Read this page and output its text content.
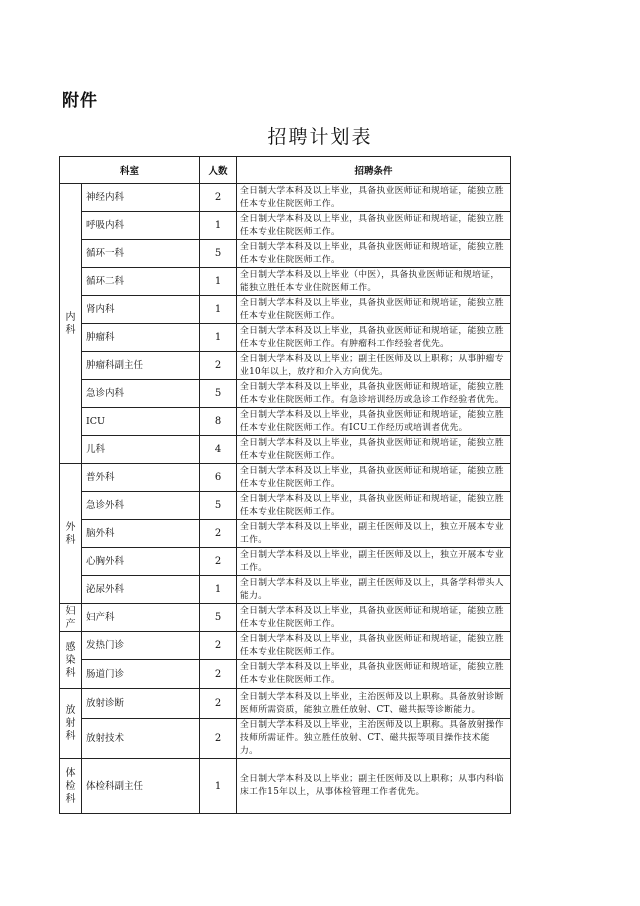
附件
招聘计划表
科室		人数	招聘条件

内
科	神经内科	2	全日制大学本科及以上毕业，具备执业医师证和规培证，能独立胜任本专业住院医师工作。
	呼吸内科	1	全日制大学本科及以上毕业，具备执业医师证和规培证，能独立胜任本专业住院医师工作。
	循环一科	5	全日制大学本科及以上毕业，具备执业医师证和规培证，能独立胜任本专业住院医师工作。
	循环二科	1	全日制大学本科及以上毕业（中医），具备执业医师证和规培证，能独立胜任本专业住院医师工作。
	肾内科	1	全日制大学本科及以上毕业，具备执业医师证和规培证，能独立胜任本专业住院医师工作。
	肿瘤科	1	全日制大学本科及以上毕业，具备执业医师证和规培证，能独立胜任本专业住院医师工作。有肿瘤科工作经验者优先。
	肿瘤科副主任	2	全日制大学本科及以上毕业；副主任医师及以上职称；从事肿瘤专业10年以上，放疗和介入方向优先。
	急诊内科	5	全日制大学本科及以上毕业，具备执业医师证和规培证，能独立胜任本专业住院医师工作。有急诊培训经历或急诊工作经验者优先。
	ICU	8	全日制大学本科及以上毕业，具备执业医师证和规培证，能独立胜任本专业住院医师工作。有ICU工作经历或培训者优先。
	儿科	4	全日制大学本科及以上毕业，具备执业医师证和规培证，能独立胜任本专业住院医师工作。

外
科	普外科	6	全日制大学本科及以上毕业，具备执业医师证和规培证，能独立胜任本专业住院医师工作。
	急诊外科	5	全日制大学本科及以上毕业，具备执业医师证和规培证，能独立胜任本专业住院医师工作。
	脑外科	2	全日制大学本科及以上毕业，副主任医师及以上，独立开展本专业工作。
	心胸外科	2	全日制大学本科及以上毕业，副主任医师及以上，独立开展本专业工作。
	泌尿外科	1	全日制大学本科及以上毕业，副主任医师及以上，具备学科带头人能力。

妇
产	妇产科	5	全日制大学本科及以上毕业，具备执业医师证和规培证，能独立胜任本专业住院医师工作。

感
染
科	发热门诊	2	全日制大学本科及以上毕业，具备执业医师证和规培证，能独立胜任本专业住院医师工作。
	肠道门诊	2	全日制大学本科及以上毕业，具备执业医师证和规培证，能独立胜任本专业住院医师工作。

放
射
科	放射诊断	2	全日制大学本科及以上毕业，主治医师及以上职称。具备放射诊断医师所需资质，能独立胜任放射、CT、磁共振等诊断能力。
	放射技术	2	全日制大学本科及以上毕业，主治医师及以上职称。具备放射操作技师所需证件。独立胜任放射、CT、磁共振等项目操作技术能力。

体
检
科	体检科副主任	1	全日制大学本科及以上毕业；副主任医师及以上职称；从事内科临床工作15年以上，从事体检管理工作者优先。
